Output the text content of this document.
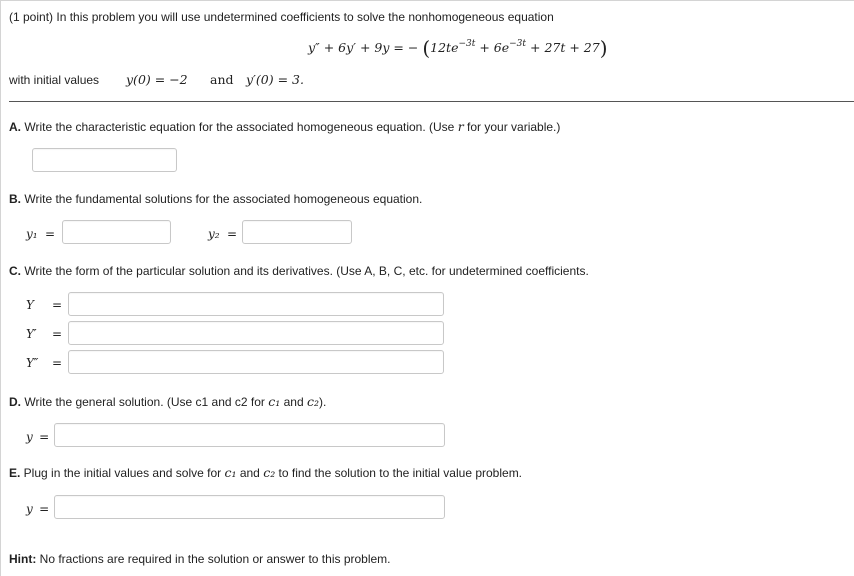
(1 point) In this problem you will use undetermined coefficients to solve the nonhomogeneous equation
y″ + 6y′ + 9y = − $(12te^{-3t} + 6e^{-3t} + 27t + 27)$
with initial values y(0) = −2 and y′(0) = 3.
A. Write the characteristic equation for the associated homogeneous equation. (Use r for your variable.)
B. Write the fundamental solutions for the associated homogeneous equation.
y₁ =	y₂ =
C. Write the form of the particular solution and its derivatives. (Use A, B, C, etc. for undetermined coefficients.
Y =
Y′ =
Y″ =
D. Write the general solution. (Use c1 and c2 for c₁ and c₂).
y =
E. Plug in the initial values and solve for c₁ and c₂ to find the solution to the initial value problem.
y =
Hint: No fractions are required in the solution or answer to this problem.
